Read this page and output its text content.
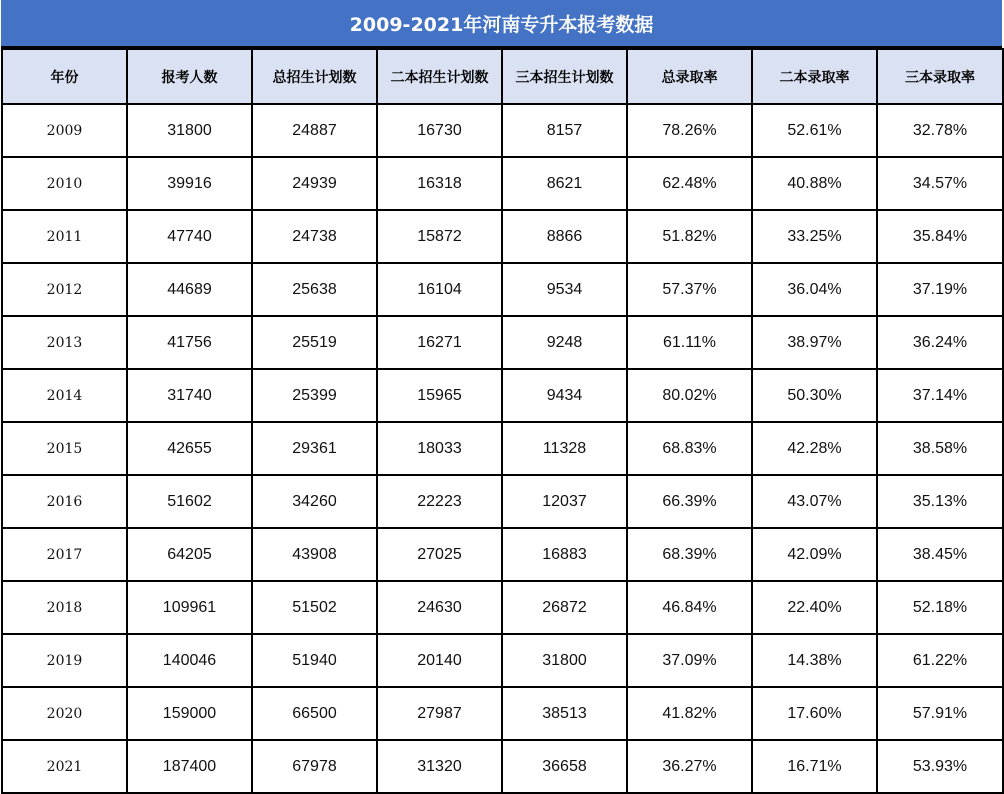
2009-2021年河南专升本报考数据
年份	报考人数	总招生计划数	二本招生计划数	三本招生计划数	总录取率	二本录取率	三本录取率
2009	31800	24887	16730	8157	78.26%	52.61%	32.78%
2010	39916	24939	16318	8621	62.48%	40.88%	34.57%
2011	47740	24738	15872	8866	51.82%	33.25%	35.84%
2012	44689	25638	16104	9534	57.37%	36.04%	37.19%
2013	41756	25519	16271	9248	61.11%	38.97%	36.24%
2014	31740	25399	15965	9434	80.02%	50.30%	37.14%
2015	42655	29361	18033	11328	68.83%	42.28%	38.58%
2016	51602	34260	22223	12037	66.39%	43.07%	35.13%
2017	64205	43908	27025	16883	68.39%	42.09%	38.45%
2018	109961	51502	24630	26872	46.84%	22.40%	52.18%
2019	140046	51940	20140	31800	37.09%	14.38%	61.22%
2020	159000	66500	27987	38513	41.82%	17.60%	57.91%
2021	187400	67978	31320	36658	36.27%	16.71%	53.93%
